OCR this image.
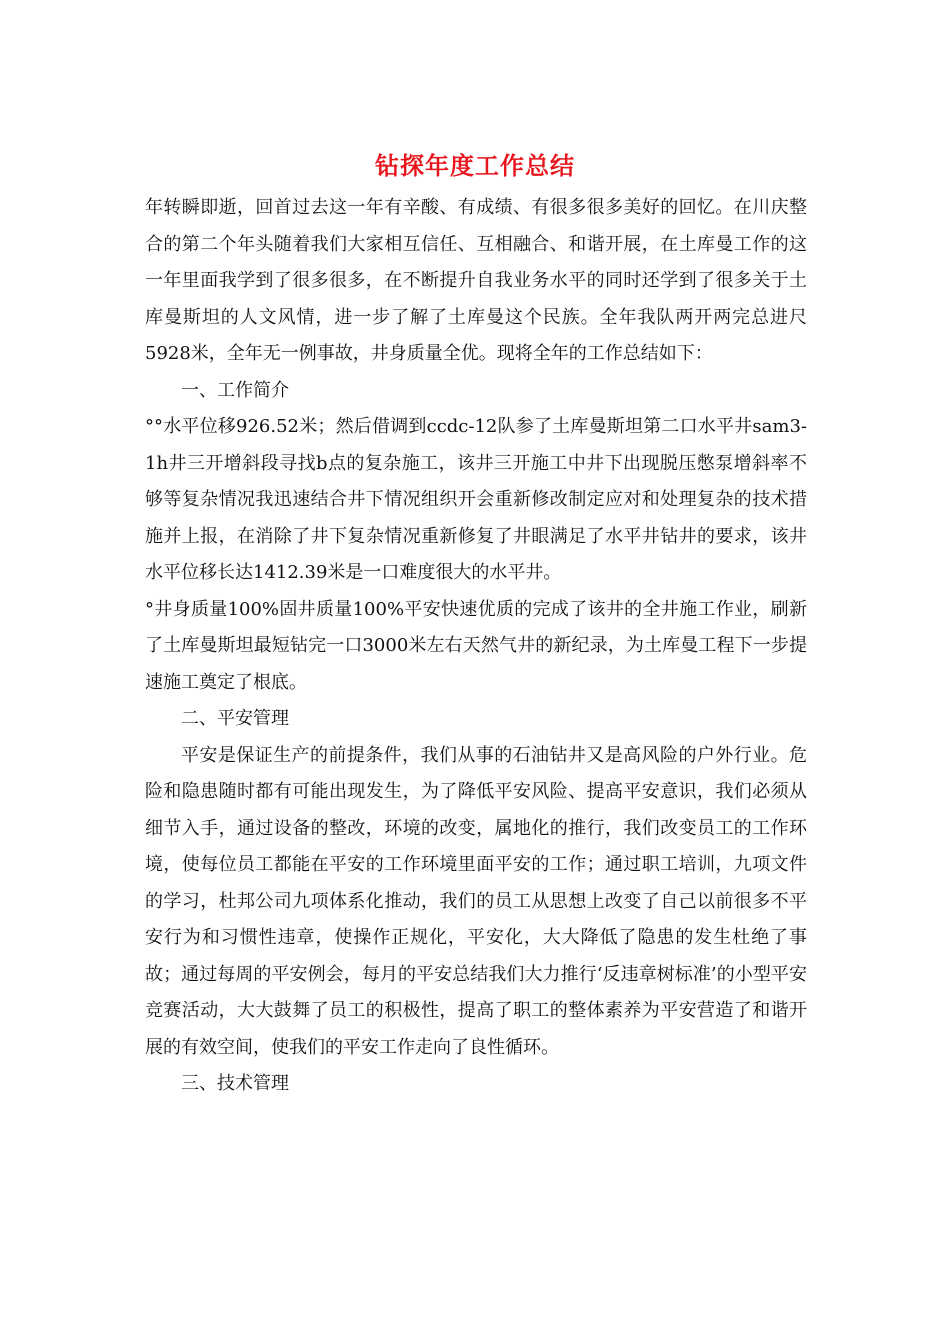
钻探年度工作总结

年转瞬即逝，回首过去这一年有辛酸、有成绩、有很多很多美好的回忆。在川庆整合的第二个年头随着我们大家相互信任、互相融合、和谐开展，在土库曼工作的这一年里面我学到了很多很多，在不断提升自我业务水平的同时还学到了很多关于土库曼斯坦的人文风情，进一步了解了土库曼这个民族。全年我队两开两完总进尺5928米，全年无一例事故，井身质量全优。现将全年的工作总结如下：

一、工作简介

°°水平位移926.52米；然后借调到ccdc-12队参了土库曼斯坦第二口水平井sam3-1h井三开增斜段寻找b点的复杂施工，该井三开施工中井下出现脱压憋泵增斜率不够等复杂情况我迅速结合井下情况组织开会重新修改制定应对和处理复杂的技术措施并上报，在消除了井下复杂情况重新修复了井眼满足了水平井钻井的要求，该井水平位移长达1412.39米是一口难度很大的水平井。

°井身质量100%固井质量100%平安快速优质的完成了该井的全井施工作业，刷新了土库曼斯坦最短钻完一口3000米左右天然气井的新纪录，为土库曼工程下一步提速施工奠定了根底。

二、平安管理

平安是保证生产的前提条件，我们从事的石油钻井又是高风险的户外行业。危险和隐患随时都有可能出现发生，为了降低平安风险、提高平安意识，我们必须从细节入手，通过设备的整改，环境的改变，属地化的推行，我们改变员工的工作环境，使每位员工都能在平安的工作环境里面平安的工作；通过职工培训，九项文件的学习，杜邦公司九项体系化推动，我们的员工从思想上改变了自己以前很多不平安行为和习惯性违章，使操作正规化，平安化，大大降低了隐患的发生杜绝了事故；通过每周的平安例会，每月的平安总结我们大力推行‘反违章树标准’的小型平安竞赛活动，大大鼓舞了员工的积极性，提高了职工的整体素养为平安营造了和谐开展的有效空间，使我们的平安工作走向了良性循环。

三、技术管理
